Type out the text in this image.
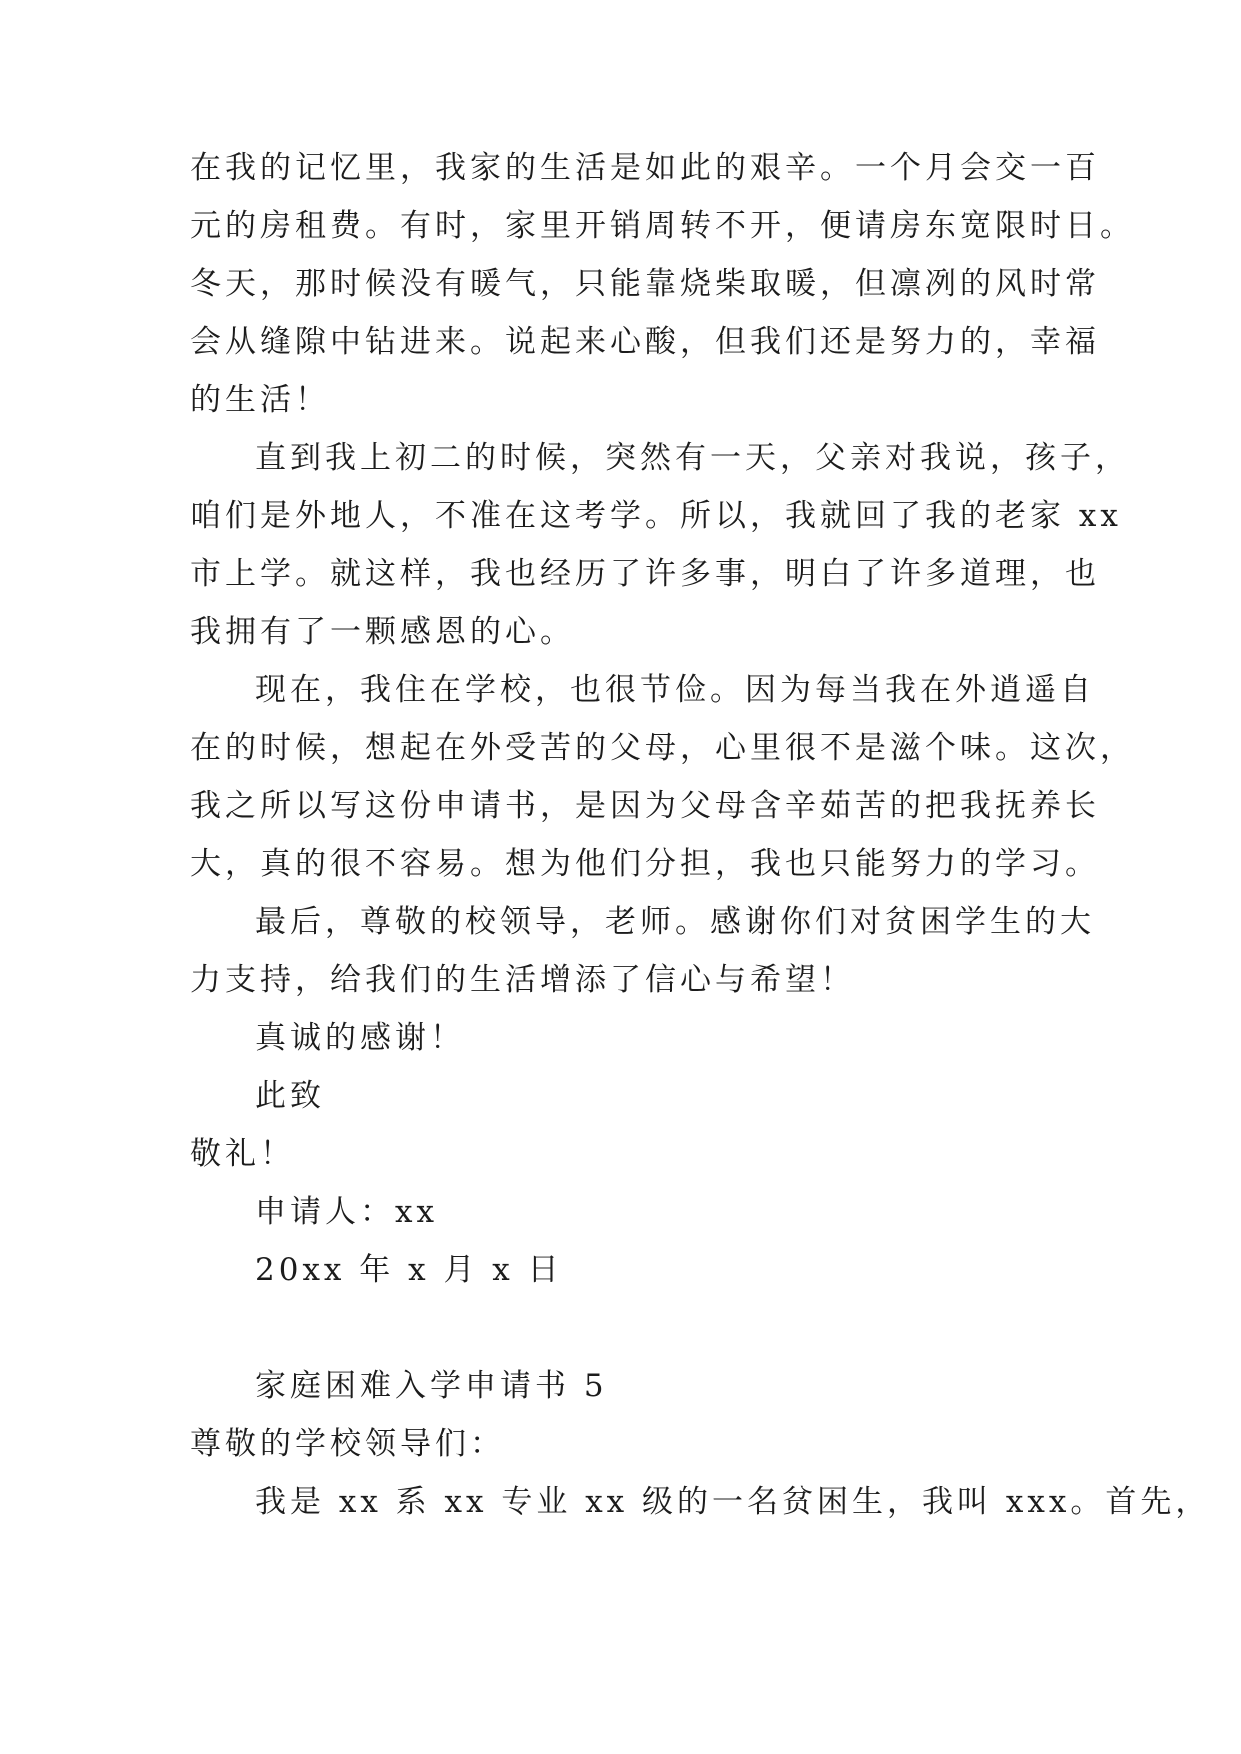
在我的记忆里，我家的生活是如此的艰辛。一个月会交一百

元的房租费。有时，家里开销周转不开，便请房东宽限时日。

冬天，那时候没有暖气，只能靠烧柴取暖，但凛冽的风时常

会从缝隙中钻进来。说起来心酸，但我们还是努力的，幸福

的生活！

直到我上初二的时候，突然有一天，父亲对我说，孩子，

咱们是外地人，不准在这考学。所以，我就回了我的老家 xx

市上学。就这样，我也经历了许多事，明白了许多道理，也

我拥有了一颗感恩的心。

现在，我住在学校，也很节俭。因为每当我在外逍遥自

在的时候，想起在外受苦的父母，心里很不是滋个味。这次，

我之所以写这份申请书，是因为父母含辛茹苦的把我抚养长

大，真的很不容易。想为他们分担，我也只能努力的学习。

最后，尊敬的校领导，老师。感谢你们对贫困学生的大

力支持，给我们的生活增添了信心与希望！

真诚的感谢！

此致

敬礼！

申请人：xx

20xx 年 x 月 x 日

家庭困难入学申请书 5

尊敬的学校领导们：

我是 xx 系 xx 专业 xx 级的一名贫困生，我叫 xxx。首先，
